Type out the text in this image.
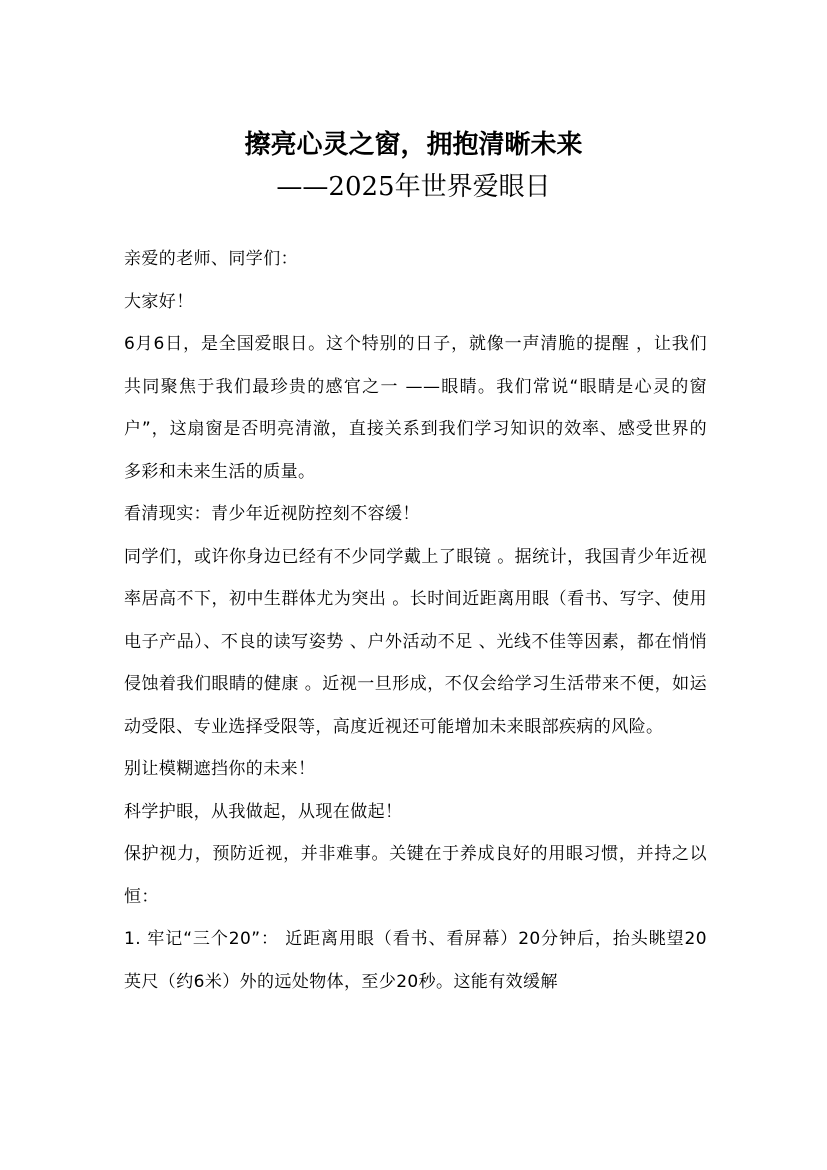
擦亮心灵之窗，拥抱清晰未来
——2025年世界爱眼日

亲爱的老师、同学们：

大家好！

6月6日，是全国爱眼日。这个特别的日子，就像一声清脆的提醒 ，让我们共同聚焦于我们最珍贵的感官之一 ——眼睛。我们常说“眼睛是心灵的窗户”，这扇窗是否明亮清澈，直接关系到我们学习知识的效率、感受世界的多彩和未来生活的质量。

看清现实：青少年近视防控刻不容缓！

同学们，或许你身边已经有不少同学戴上了眼镜 。据统计，我国青少年近视率居高不下，初中生群体尤为突出 。长时间近距离用眼（看书、写字、使用电子产品）、不良的读写姿势 、户外活动不足 、光线不佳等因素，都在悄悄侵蚀着我们眼睛的健康 。近视一旦形成，不仅会给学习生活带来不便，如运动受限、专业选择受限等，高度近视还可能增加未来眼部疾病的风险。

别让模糊遮挡你的未来！

科学护眼，从我做起，从现在做起！

保护视力，预防近视，并非难事。关键在于养成良好的用眼习惯，并持之以恒：

1. 牢记“三个20”： 近距离用眼（看书、看屏幕）20分钟后，抬头眺望20英尺（约6米）外的远处物体，至少20秒。这能有效缓解
